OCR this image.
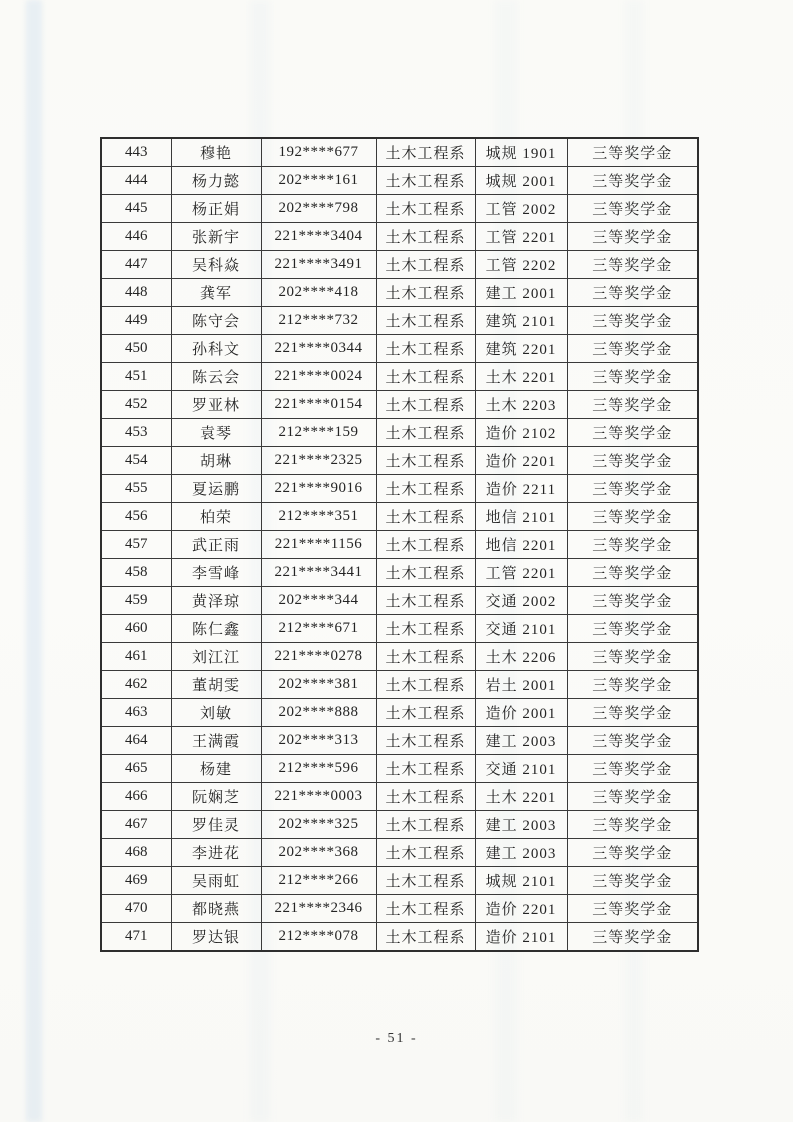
443	穆艳	192****677	土木工程系	城规 1901	三等奖学金
444	杨力懿	202****161	土木工程系	城规 2001	三等奖学金
445	杨正娟	202****798	土木工程系	工管 2002	三等奖学金
446	张新宇	221****3404	土木工程系	工管 2201	三等奖学金
447	吴科焱	221****3491	土木工程系	工管 2202	三等奖学金
448	龚军	202****418	土木工程系	建工 2001	三等奖学金
449	陈守会	212****732	土木工程系	建筑 2101	三等奖学金
450	孙科文	221****0344	土木工程系	建筑 2201	三等奖学金
451	陈云会	221****0024	土木工程系	土木 2201	三等奖学金
452	罗亚林	221****0154	土木工程系	土木 2203	三等奖学金
453	袁琴	212****159	土木工程系	造价 2102	三等奖学金
454	胡琳	221****2325	土木工程系	造价 2201	三等奖学金
455	夏运鹏	221****9016	土木工程系	造价 2211	三等奖学金
456	柏荣	212****351	土木工程系	地信 2101	三等奖学金
457	武正雨	221****1156	土木工程系	地信 2201	三等奖学金
458	李雪峰	221****3441	土木工程系	工管 2201	三等奖学金
459	黄泽琼	202****344	土木工程系	交通 2002	三等奖学金
460	陈仁鑫	212****671	土木工程系	交通 2101	三等奖学金
461	刘江江	221****0278	土木工程系	土木 2206	三等奖学金
462	董胡雯	202****381	土木工程系	岩土 2001	三等奖学金
463	刘敏	202****888	土木工程系	造价 2001	三等奖学金
464	王满霞	202****313	土木工程系	建工 2003	三等奖学金
465	杨建	212****596	土木工程系	交通 2101	三等奖学金
466	阮娴芝	221****0003	土木工程系	土木 2201	三等奖学金
467	罗佳灵	202****325	土木工程系	建工 2003	三等奖学金
468	李进花	202****368	土木工程系	建工 2003	三等奖学金
469	吴雨虹	212****266	土木工程系	城规 2101	三等奖学金
470	都晓燕	221****2346	土木工程系	造价 2201	三等奖学金
471	罗达银	212****078	土木工程系	造价 2101	三等奖学金
- 51 -
